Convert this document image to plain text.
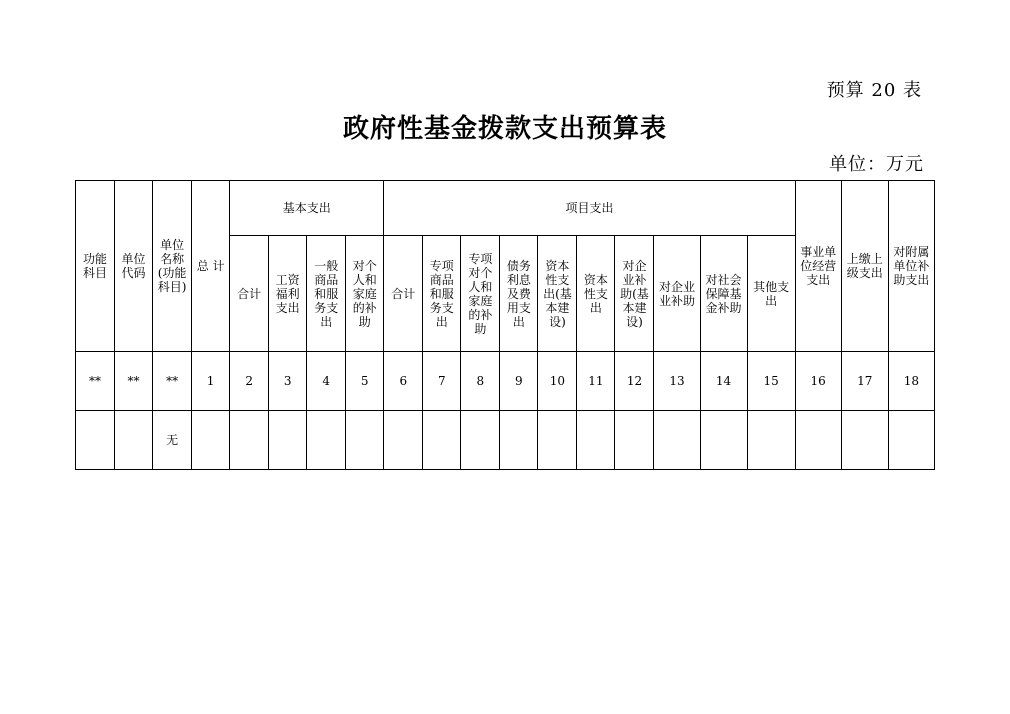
预算 20 表
政府性基金拨款支出预算表
单位：万元
功能科目	单位代码	单位名称(功能科目)	总 计	基本支出				项目支出										事业单位经营支出	上缴上级支出	对附属单位补助支出
				合计	工资福利支出	一般商品和服务支出	对个人和家庭的补助	合计	专项商品和服务支出	专项对个人和家庭的补助	债务利息及费用支出	资本性支出(基本建设)	资本性支出	对企业补助(基本建设)	对企业业补助	对社会保障基金补助	其他支出			
**	**	**	1	2	3	4	5	6	7	8	9	10	11	12	13	14	15	16	17	18
		无																		
